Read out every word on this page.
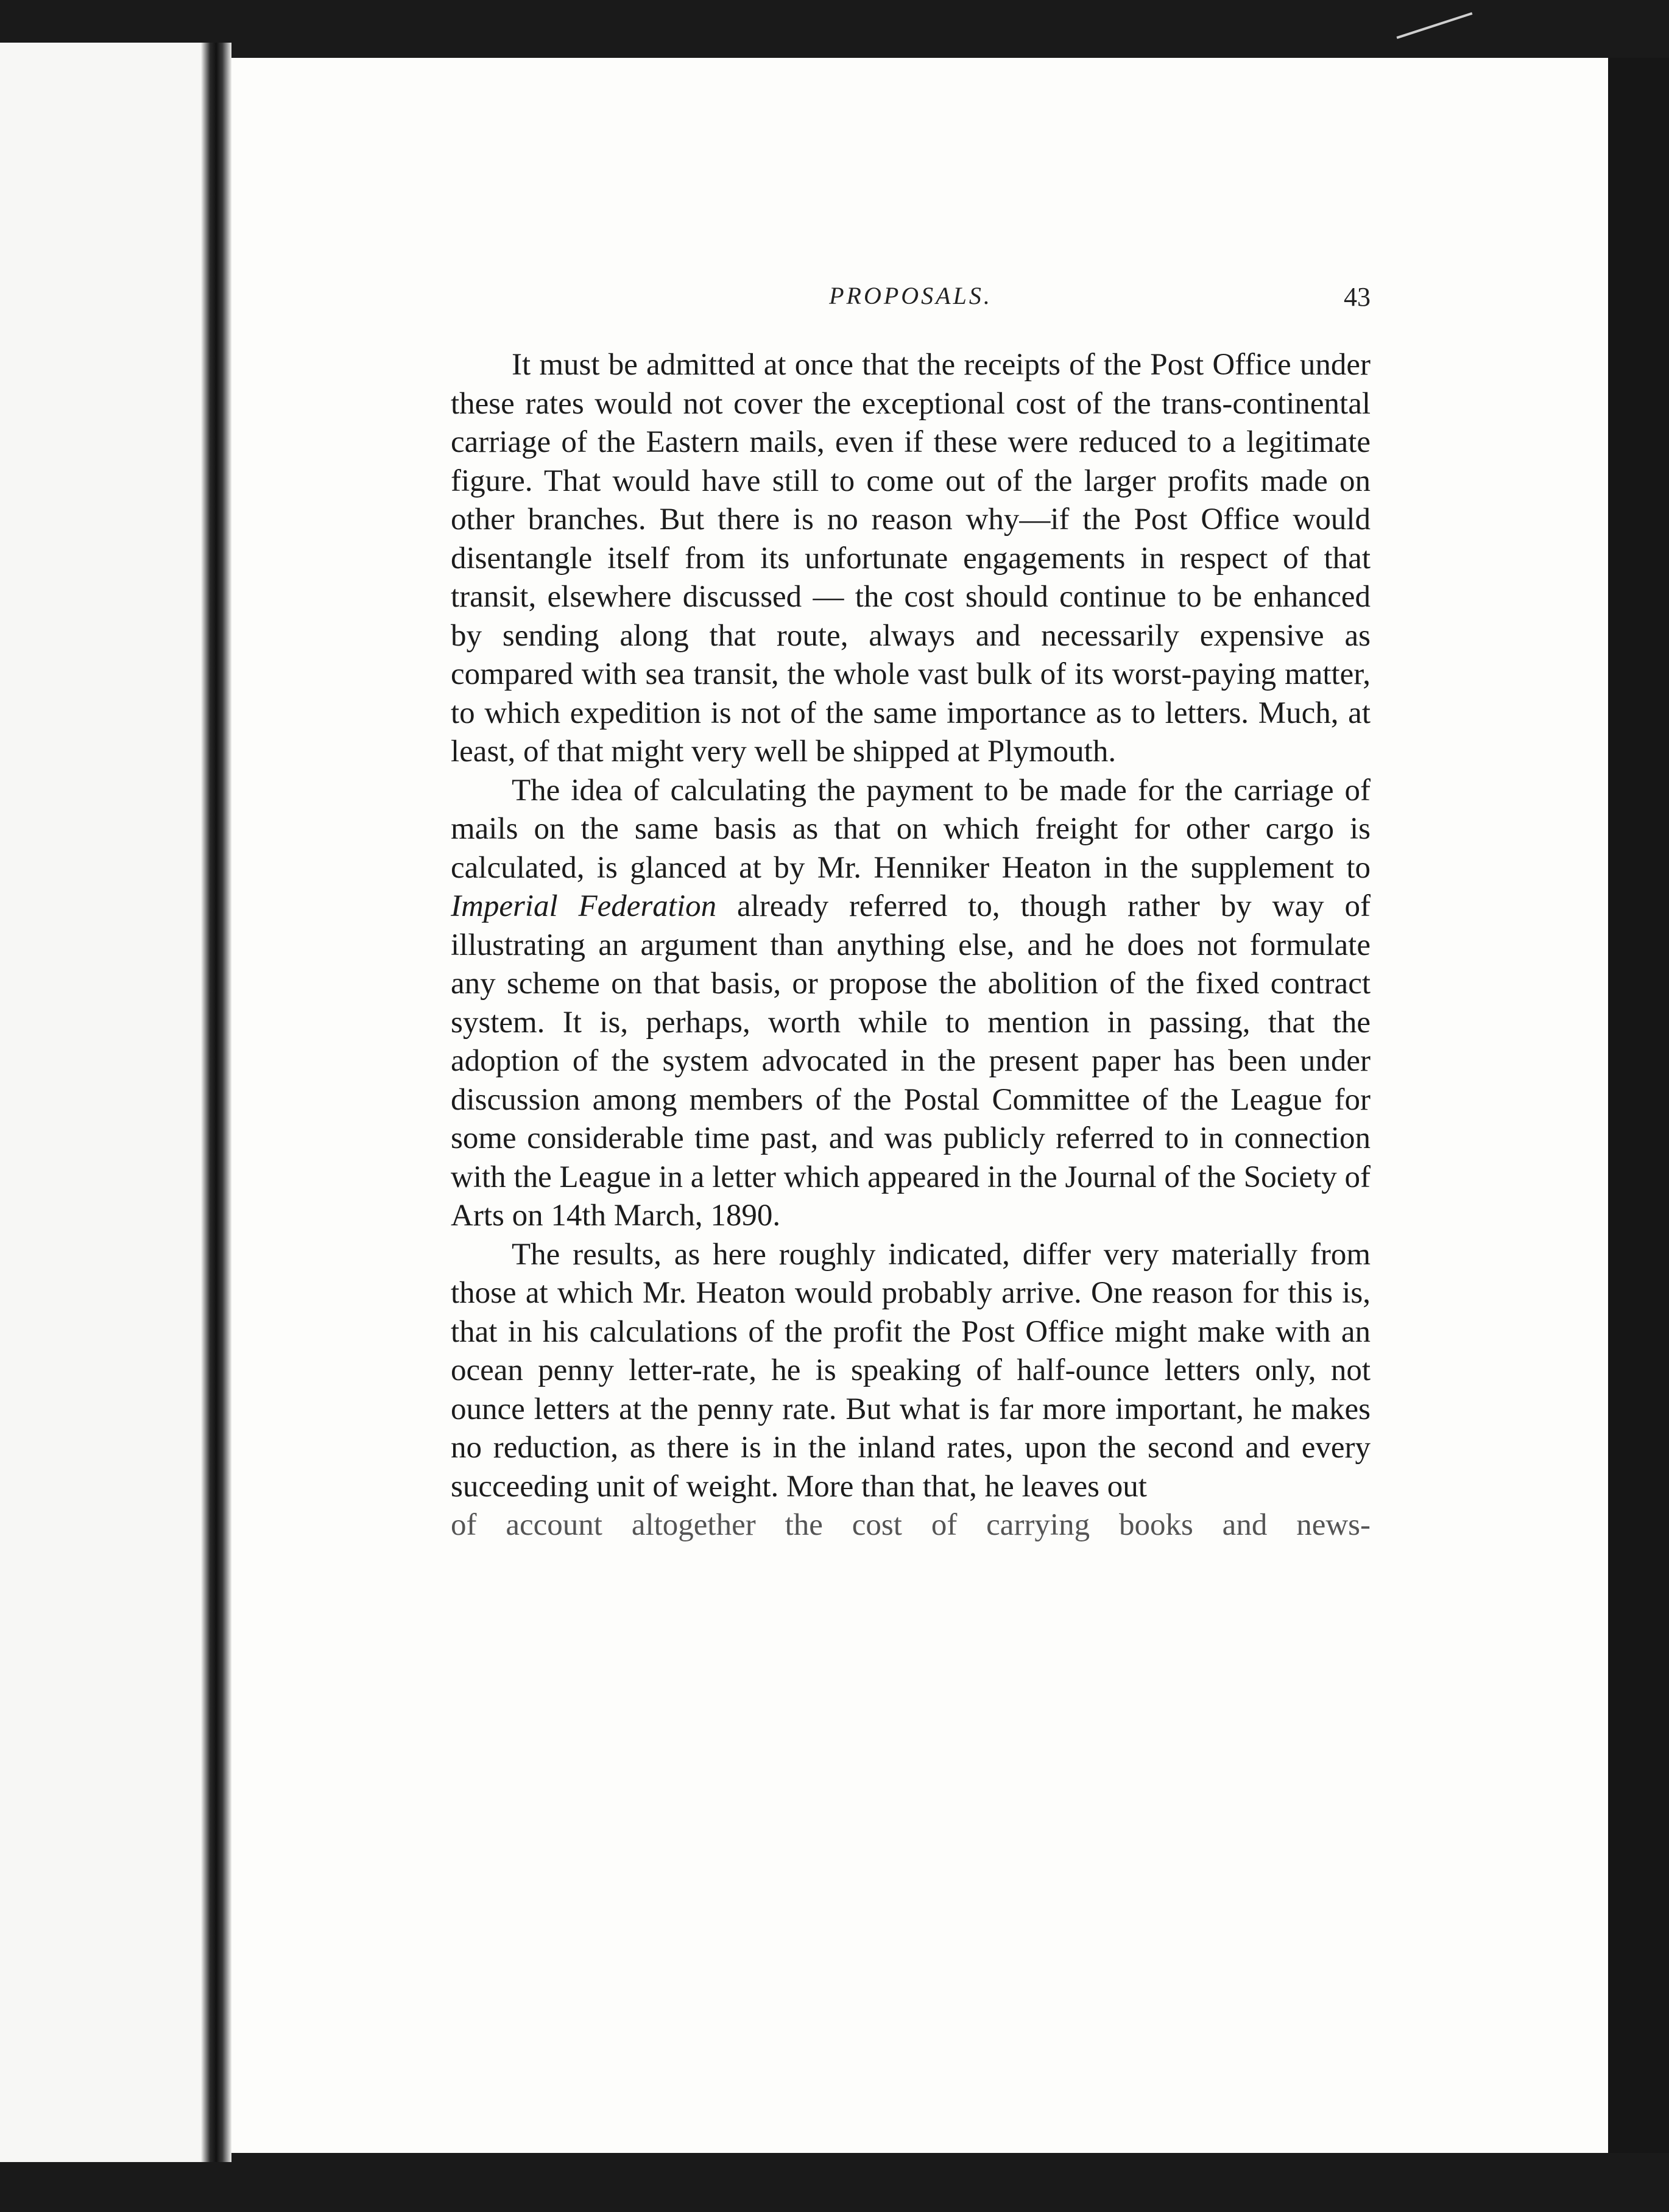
PROPOSALS.	43

It must be admitted at once that the receipts of the Post Office under these rates would not cover the exceptional cost of the trans-continental carriage of the Eastern mails, even if these were reduced to a legitimate figure. That would have still to come out of the larger profits made on other branches. But there is no reason why—if the Post Office would disentangle itself from its unfortunate engagements in respect of that transit, elsewhere discussed — the cost should continue to be enhanced by sending along that route, always and necessarily expensive as compared with sea transit, the whole vast bulk of its worst-paying matter, to which expedition is not of the same importance as to letters. Much, at least, of that might very well be shipped at Plymouth.

The idea of calculating the payment to be made for the carriage of mails on the same basis as that on which freight for other cargo is calculated, is glanced at by Mr. Henniker Heaton in the supplement to Imperial Federation already referred to, though rather by way of illustrating an argument than anything else, and he does not formulate any scheme on that basis, or propose the abolition of the fixed contract system. It is, perhaps, worth while to mention in passing, that the adoption of the system advocated in the present paper has been under discussion among members of the Postal Committee of the League for some considerable time past, and was publicly referred to in connection with the League in a letter which appeared in the Journal of the Society of Arts on 14th March, 1890.

The results, as here roughly indicated, differ very materially from those at which Mr. Heaton would probably arrive. One reason for this is, that in his calculations of the profit the Post Office might make with an ocean penny letter-rate, he is speaking of half-ounce letters only, not ounce letters at the penny rate. But what is far more important, he makes no reduction, as there is in the inland rates, upon the second and every succeeding unit of weight. More than that, he leaves out

of account altogether the cost of carrying books and news-
